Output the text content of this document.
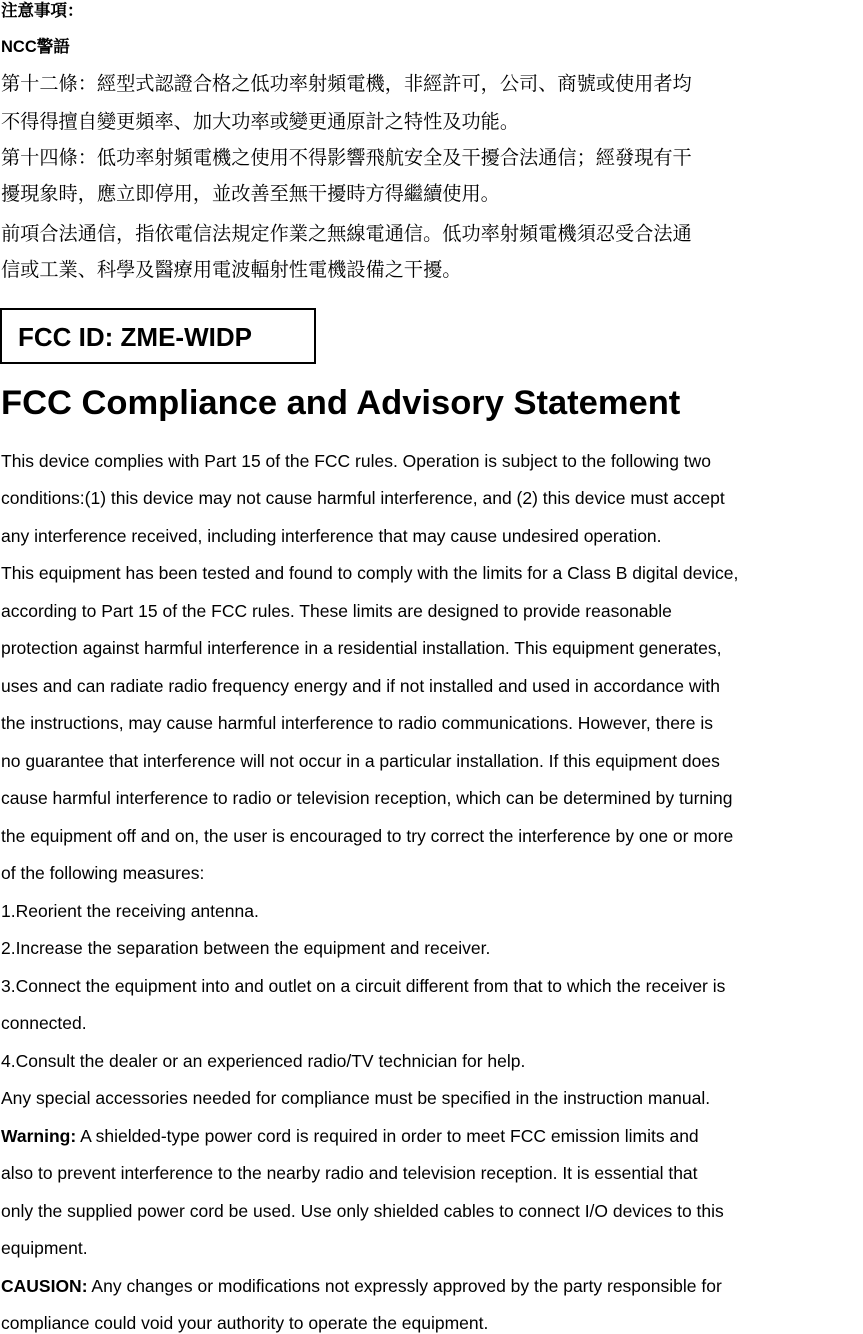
注意事項：
NCC警語
第十二條：經型式認證合格之低功率射頻電機，非經許可，公司、商號或使用者均
不得得擅自變更頻率、加大功率或變更通原計之特性及功能。
第十四條：低功率射頻電機之使用不得影響飛航安全及干擾合法通信；經發現有干
擾現象時，應立即停用，並改善至無干擾時方得繼續使用。
前項合法通信，指依電信法規定作業之無線電通信。低功率射頻電機須忍受合法通
信或工業、科學及醫療用電波輻射性電機設備之干擾。
FCC ID: ZME-WIDP
FCC Compliance and Advisory Statement
This device complies with Part 15 of the FCC rules. Operation is subject to the following two
conditions:(1) this device may not cause harmful interference, and (2) this device must accept
any interference received, including interference that may cause undesired operation.
This equipment has been tested and found to comply with the limits for a Class B digital device,
according to Part 15 of the FCC rules. These limits are designed to provide reasonable
protection against harmful interference in a residential installation. This equipment generates,
uses and can radiate radio frequency energy and if not installed and used in accordance with
the instructions, may cause harmful interference to radio communications. However, there is
no guarantee that interference will not occur in a particular installation. If this equipment does
cause harmful interference to radio or television reception, which can be determined by turning
the equipment off and on, the user is encouraged to try correct the interference by one or more
of the following measures:
1.Reorient the receiving antenna.
2.Increase the separation between the equipment and receiver.
3.Connect the equipment into and outlet on a circuit different from that to which the receiver is
connected.
4.Consult the dealer or an experienced radio/TV technician for help.
Any special accessories needed for compliance must be specified in the instruction manual.
Warning: A shielded-type power cord is required in order to meet FCC emission limits and
also to prevent interference to the nearby radio and television reception. It is essential that
only the supplied power cord be used. Use only shielded cables to connect I/O devices to this
equipment.
CAUSION: Any changes or modifications not expressly approved by the party responsible for
compliance could void your authority to operate the equipment.
